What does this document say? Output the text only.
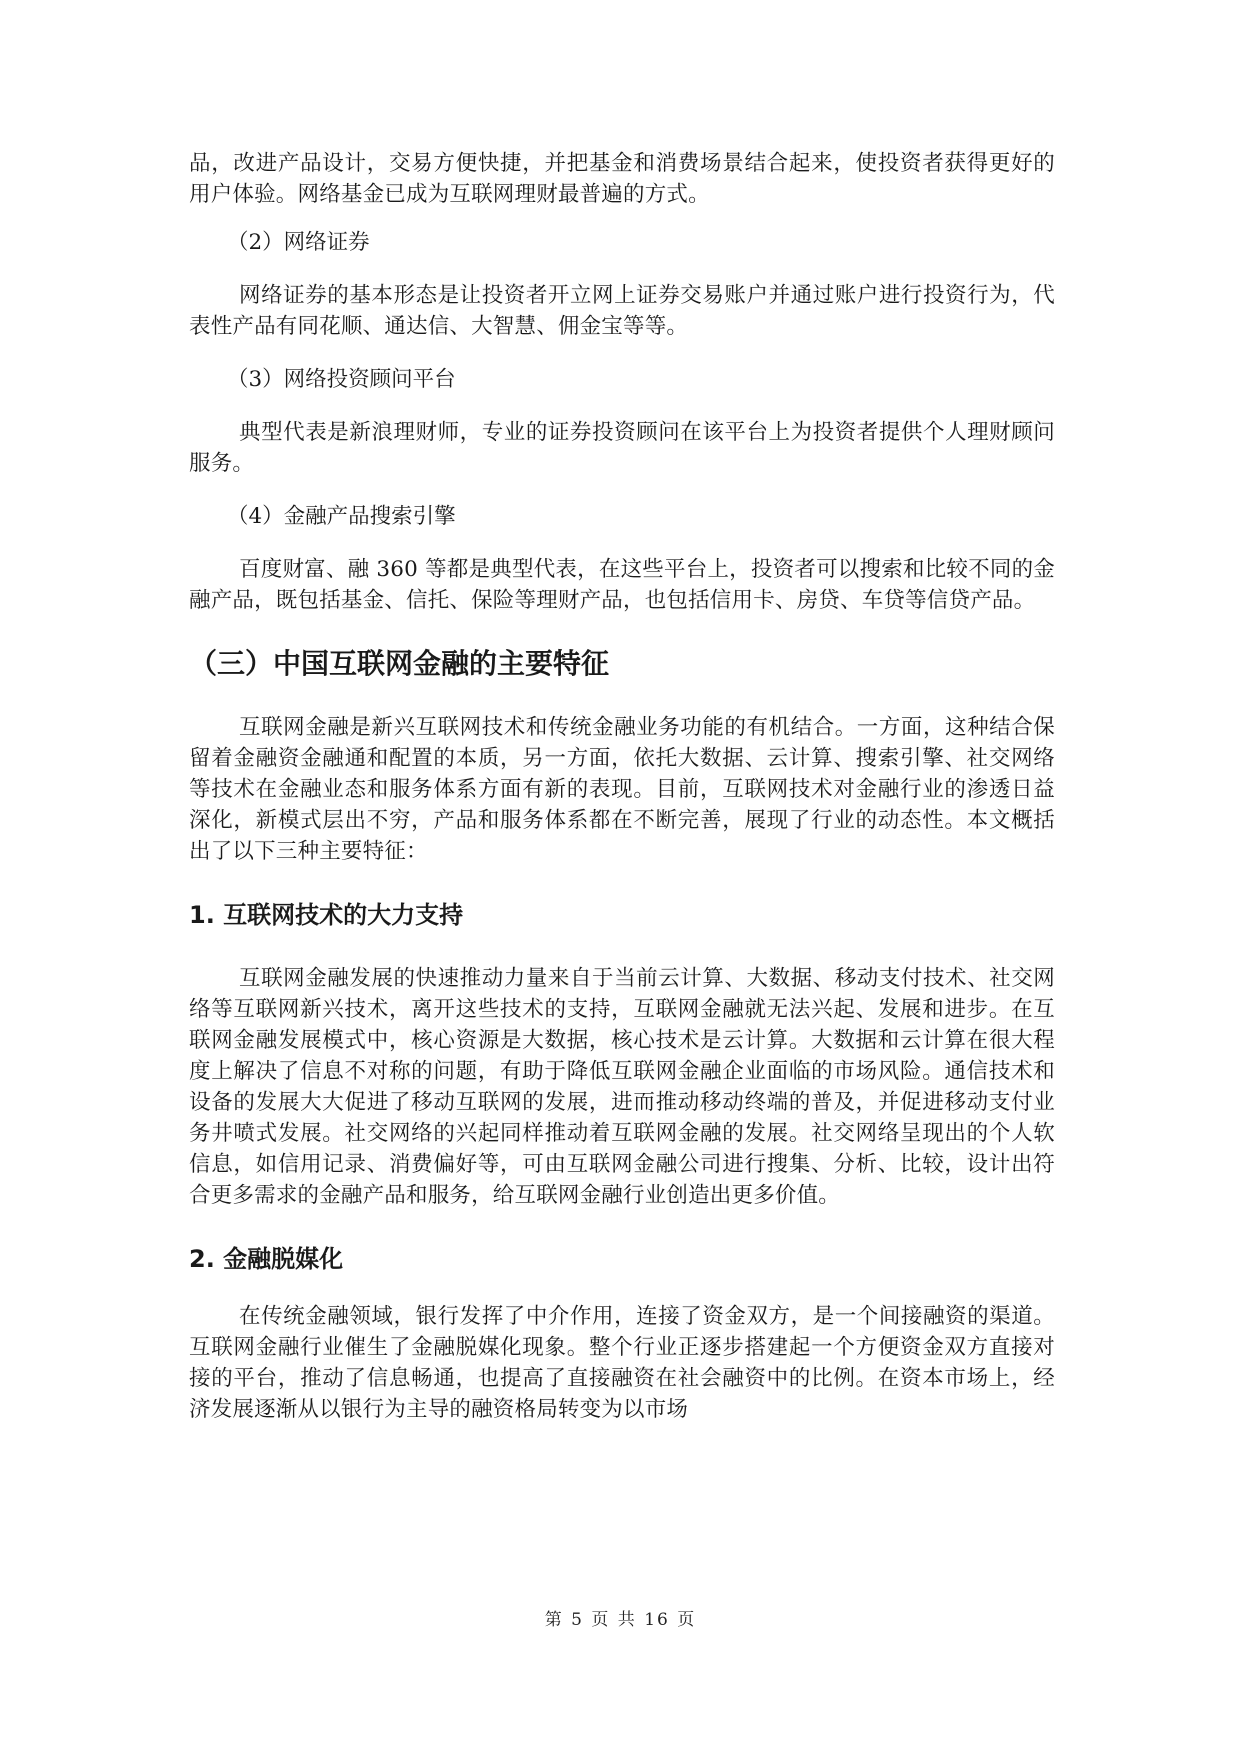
品，改进产品设计，交易方便快捷，并把基金和消费场景结合起来，使投资者获得更好的用户体验。网络基金已成为互联网理财最普遍的方式。

（2）网络证券

网络证券的基本形态是让投资者开立网上证券交易账户并通过账户进行投资行为，代表性产品有同花顺、通达信、大智慧、佣金宝等等。

（3）网络投资顾问平台

典型代表是新浪理财师，专业的证券投资顾问在该平台上为投资者提供个人理财顾问服务。

（4）金融产品搜索引擎

百度财富、融 360 等都是典型代表，在这些平台上，投资者可以搜索和比较不同的金融产品，既包括基金、信托、保险等理财产品，也包括信用卡、房贷、车贷等信贷产品。

（三）中国互联网金融的主要特征

互联网金融是新兴互联网技术和传统金融业务功能的有机结合。一方面，这种结合保留着金融资金融通和配置的本质，另一方面，依托大数据、云计算、搜索引擎、社交网络等技术在金融业态和服务体系方面有新的表现。目前，互联网技术对金融行业的渗透日益深化，新模式层出不穷，产品和服务体系都在不断完善，展现了行业的动态性。本文概括出了以下三种主要特征：

1. 互联网技术的大力支持

互联网金融发展的快速推动力量来自于当前云计算、大数据、移动支付技术、社交网络等互联网新兴技术，离开这些技术的支持，互联网金融就无法兴起、发展和进步。在互联网金融发展模式中，核心资源是大数据，核心技术是云计算。大数据和云计算在很大程度上解决了信息不对称的问题，有助于降低互联网金融企业面临的市场风险。通信技术和设备的发展大大促进了移动互联网的发展，进而推动移动终端的普及，并促进移动支付业务井喷式发展。社交网络的兴起同样推动着互联网金融的发展。社交网络呈现出的个人软信息，如信用记录、消费偏好等，可由互联网金融公司进行搜集、分析、比较，设计出符合更多需求的金融产品和服务，给互联网金融行业创造出更多价值。

2. 金融脱媒化

在传统金融领域，银行发挥了中介作用，连接了资金双方，是一个间接融资的渠道。互联网金融行业催生了金融脱媒化现象。整个行业正逐步搭建起一个方便资金双方直接对接的平台，推动了信息畅通，也提高了直接融资在社会融资中的比例。在资本市场上，经济发展逐渐从以银行为主导的融资格局转变为以市场

第 5 页 共 16 页
